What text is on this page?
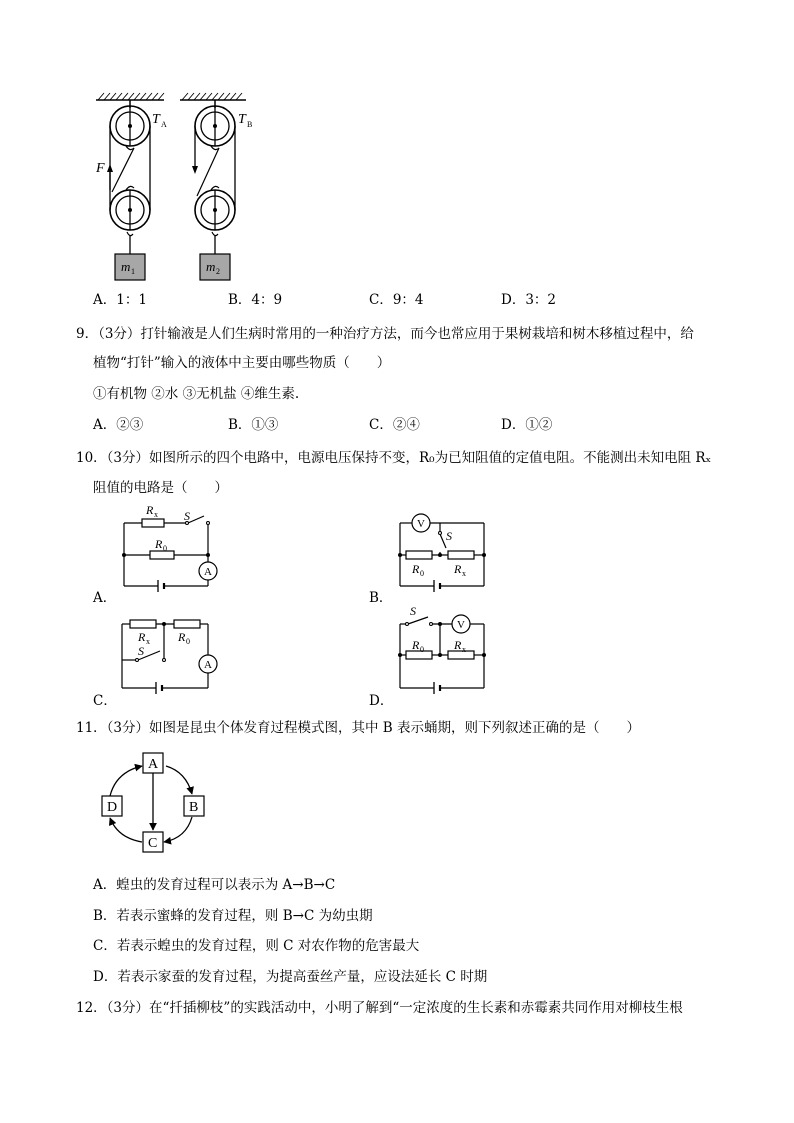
T A	T B
F
m 1	m 2
A．1：1	B．4：9	C．9：4	D．3：2
9．（3分）打针输液是人们生病时常用的一种治疗方法，而今也常应用于果树栽培和树木移植过程中，给
植物“打针”输入的液体中主要由哪些物质（　　）
①有机物 ②水 ③无机盐 ④维生素.
A．②③	B．①③	C．②④	D．①②
10．（3分）如图所示的四个电路中，电源电压保持不变，R₀为已知阻值的定值电阻。不能测出未知电阻 Rₓ
阻值的电路是（　　）
R x S
R 0
A
A．
V
S
R 0	R x
B．
R x R 0
S
A
C．
S
V
R 0	R x
D．
11．（3分）如图是昆虫个体发育过程模式图，其中 B 表示蛹期，则下列叙述正确的是（　　）
A
B
C
D
A．蝗虫的发育过程可以表示为 A→B→C
B．若表示蜜蜂的发育过程，则 B→C 为幼虫期
C．若表示蝗虫的发育过程，则 C 对农作物的危害最大
D．若表示家蚕的发育过程，为提高蚕丝产量，应设法延长 C 时期
12．（3分）在“扦插柳枝”的实践活动中，小明了解到“一定浓度的生长素和赤霉素共同作用对柳枝生根
